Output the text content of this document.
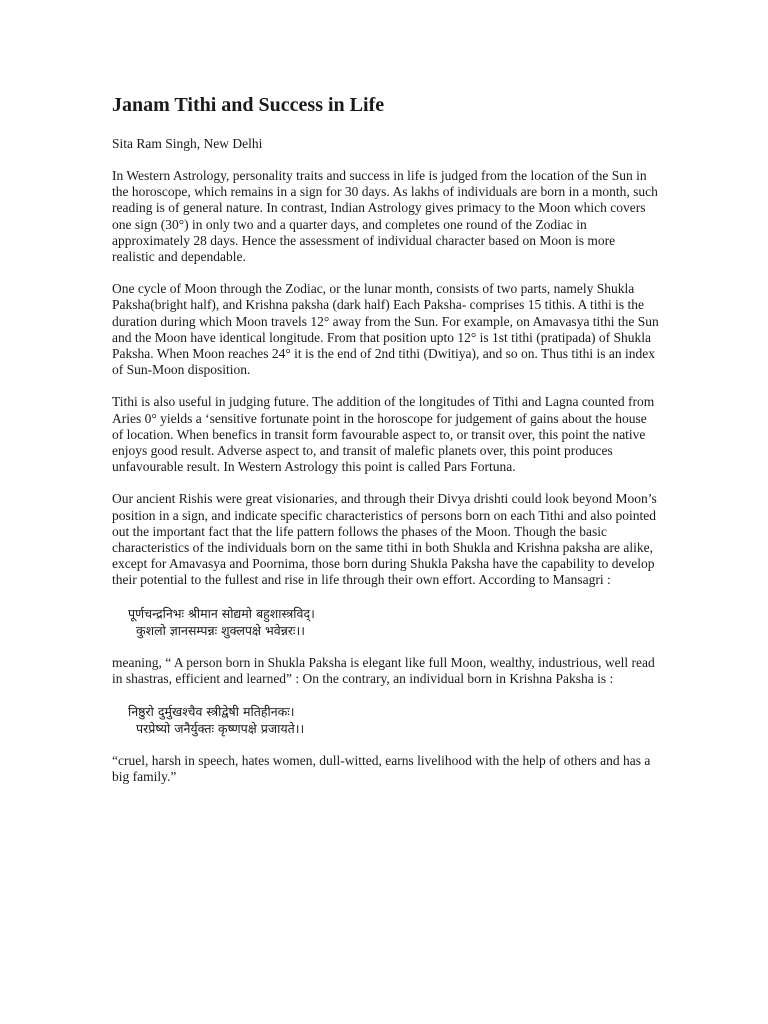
Janam Tithi and Success in Life

Sita Ram Singh, New Delhi

In Western Astrology, personality traits and success in life is judged from the location of the Sun in the horoscope, which remains in a sign for 30 days. As lakhs of individuals are born in a month, such reading is of general nature. In contrast, Indian Astrology gives primacy to the Moon which covers one sign (30°) in only two and a quarter days, and completes one round of the Zodiac in approximately 28 days. Hence the assessment of individual character based on Moon is more realistic and dependable.

One cycle of Moon through the Zodiac, or the lunar month, consists of two parts, namely Shukla Paksha(bright half), and Krishna paksha (dark half) Each Paksha- comprises 15 tithis. A tithi is the duration during which Moon travels 12° away from the Sun. For example, on Amavasya tithi the Sun and the Moon have identical longitude. From that position upto 12° is 1st tithi (pratipada) of Shukla Paksha. When Moon reaches 24° it is the end of 2nd tithi (Dwitiya), and so on. Thus tithi is an index of Sun-Moon disposition.

Tithi is also useful in judging future. The addition of the longitudes of Tithi and Lagna counted from Aries 0° yields a ‘sensitive fortunate point in the horoscope for judgement of gains about the house of location. When benefics in transit form favourable aspect to, or transit over, this point the native enjoys good result. Adverse aspect to, and transit of malefic planets over, this point produces unfavourable result. In Western Astrology this point is called Pars Fortuna.

Our ancient Rishis were great visionaries, and through their Divya drishti could look beyond Moon’s position in a sign, and indicate specific characteristics of persons born on each Tithi and also pointed out the important fact that the life pattern follows the phases of the Moon. Though the basic characteristics of the individuals born on the same tithi in both Shukla and Krishna paksha are alike, except for Amavasya and Poornima, those born during Shukla Paksha have the capability to develop their potential to the fullest and rise in life through their own effort. According to Mansagri :

पूर्णचन्द्रनिभः श्रीमान सोद्यमो बहुशास्त्रविद्।
कुशलो ज्ञानसम्पन्नः शुक्लपक्षे भवेन्नरः।।

meaning, “ A person born in Shukla Paksha is elegant like full Moon, wealthy, industrious, well read in shastras, efficient and learned” : On the contrary, an individual born in Krishna Paksha is :

निष्ठुरो दुर्मुखश्चैव स्त्रीद्वेषी मतिहीनकः।
परप्रेष्यो जनैर्युक्तः कृष्णपक्षे प्रजायते।।

“cruel, harsh in speech, hates women, dull-witted, earns livelihood with the help of others and has a big family.”
